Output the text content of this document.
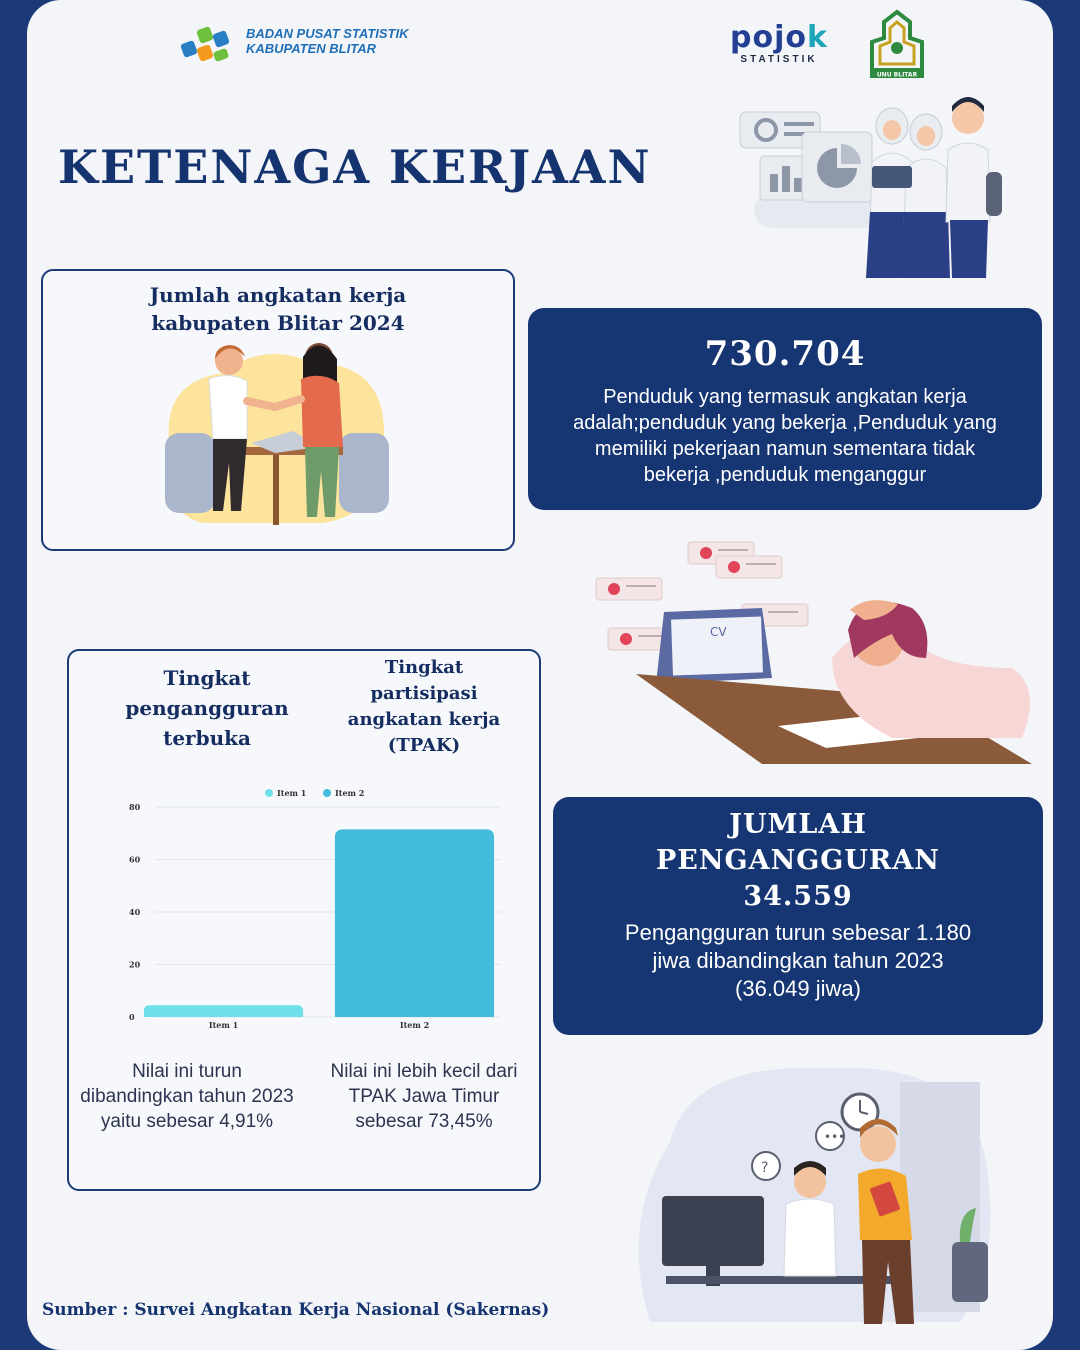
BADAN PUSAT STATISTIK
KABUPATEN BLITAR	pojok
STATISTIK
UNU BLITAR
KETENAGA KERJAAN
Jumlah angkatan kerja
kabupaten Blitar 2024
730.704
Penduduk yang termasuk angkatan kerja adalah;penduduk yang bekerja ,Penduduk yang memiliki pekerjaan namun sementara tidak bekerja ,penduduk menganggur
CV
Tingkat pengangguran terbuka
Tingkat partisipasi angkatan kerja (TPAK)
0
20
40
60
80
Item 1	Item 2
Item 1	Item 2
Nilai ini turun dibandingkan tahun 2023 yaitu sebesar 4,91%
Nilai ini lebih kecil dari TPAK Jawa Timur sebesar 73,45%
JUMLAH
PENGANGGURAN
34.559
Pengangguran turun sebesar 1.180
jiwa dibandingkan tahun 2023
(36.049 jiwa)
•••
?
Sumber : Survei Angkatan Kerja Nasional (Sakernas)
